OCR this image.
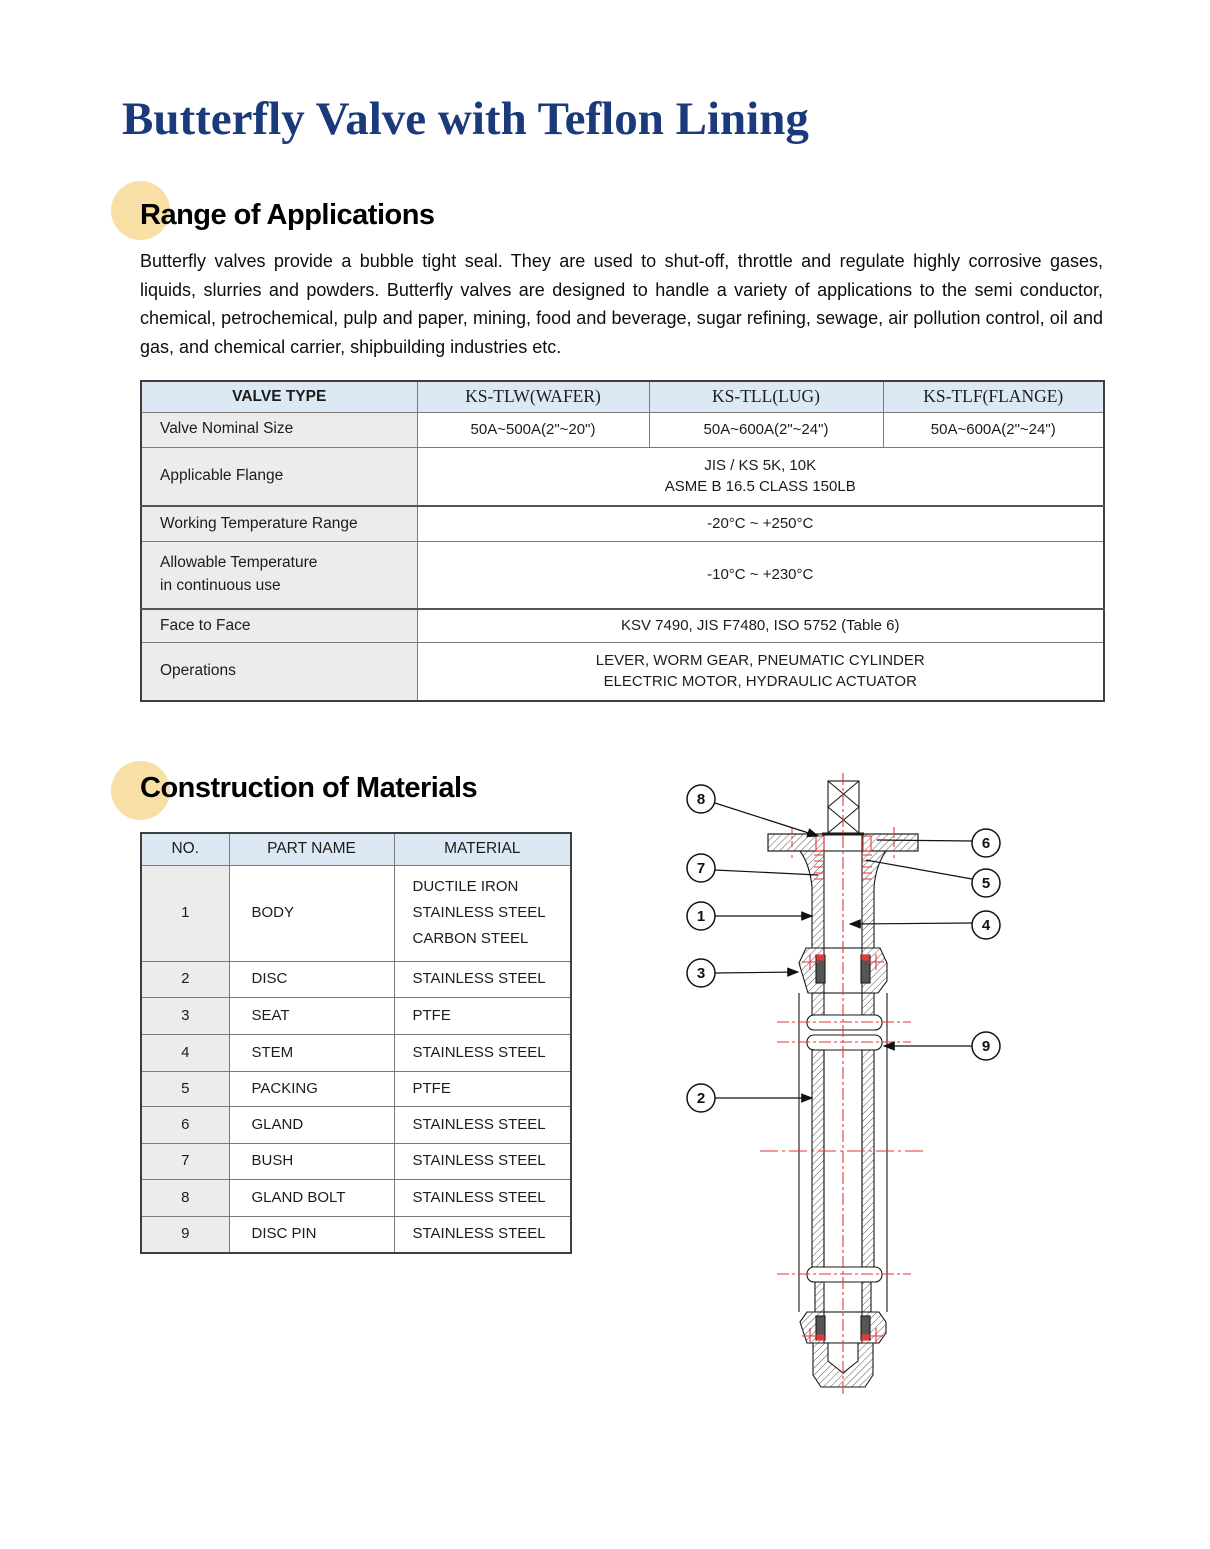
Butterfly Valve with Teflon Lining
Range of Applications

Butterfly valves provide a bubble tight seal. They are used to shut-off, throttle and regulate highly corrosive gases, liquids, slurries and powders. Butterfly valves are designed to handle a variety of applications to the semi conductor, chemical, petrochemical, pulp and paper, mining, food and beverage, sugar refining, sewage, air pollution control, oil and gas, and chemical carrier, shipbuilding industries etc.

VALVE TYPE	KS-TLW(WAFER)	KS-TLL(LUG)	KS-TLF(FLANGE)
Valve Nominal Size	50A~500A(2"~20")	50A~600A(2"~24")	50A~600A(2"~24")
Applicable Flange	JIS / KS 5K, 10K
ASME B 16.5 CLASS 150LB		

Working Temperature Range	-20°C ~ +250°C		

Allowable Temperature
in continuous use	-10°C ~ +230°C		
Face to Face	KSV 7490, JIS F7480, ISO 5752 (Table 6)		
Operations	LEVER, WORM GEAR, PNEUMATIC CYLINDER
ELECTRIC MOTOR, HYDRAULIC ACTUATOR		
Construction of Materials
NO.	PART NAME	MATERIAL
1	BODY	DUCTILE IRON
STAINLESS STEEL
CARBON STEEL

2	DISC	STAINLESS STEEL
3	SEAT	PTFE
4	STEM	STAINLESS STEEL
5	PACKING	PTFE
6	GLAND	STAINLESS STEEL
7	BUSH	STAINLESS STEEL
8	GLAND BOLT	STAINLESS STEEL
9	DISC PIN	STAINLESS STEEL
8
6
7
5
1
4
3
9
2
